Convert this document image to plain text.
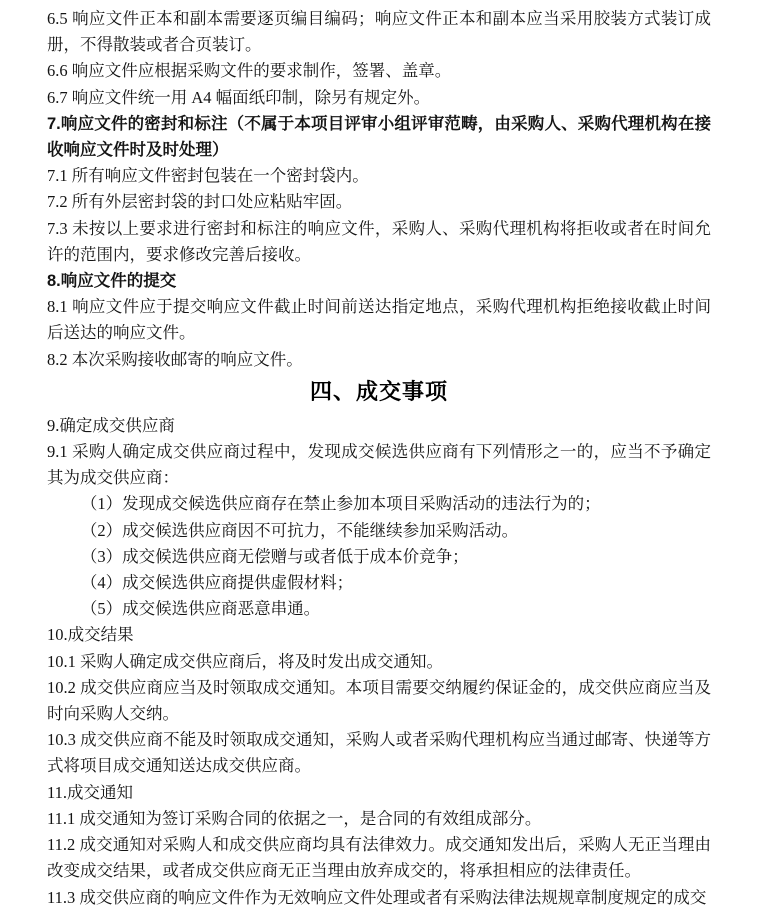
6.5 响应文件正本和副本需要逐页编目编码；响应文件正本和副本应当采用胶装方式装订成册，不得散装或者合页装订。

6.6 响应文件应根据采购文件的要求制作，签署、盖章。

6.7 响应文件统一用 A4 幅面纸印制，除另有规定外。

7.响应文件的密封和标注（不属于本项目评审小组评审范畴，由采购人、采购代理机构在接收响应文件时及时处理）

7.1 所有响应文件密封包装在一个密封袋内。

7.2 所有外层密封袋的封口处应粘贴牢固。

7.3 未按以上要求进行密封和标注的响应文件，采购人、采购代理机构将拒收或者在时间允许的范围内，要求修改完善后接收。

8.响应文件的提交

8.1 响应文件应于提交响应文件截止时间前送达指定地点，采购代理机构拒绝接收截止时间后送达的响应文件。

8.2 本次采购接收邮寄的响应文件。

四、成交事项

9.确定成交供应商

9.1 采购人确定成交供应商过程中，发现成交候选供应商有下列情形之一的，应当不予确定其为成交供应商：

（1）发现成交候选供应商存在禁止参加本项目采购活动的违法行为的；

（2）成交候选供应商因不可抗力，不能继续参加采购活动。

（3）成交候选供应商无偿赠与或者低于成本价竞争；

（4）成交候选供应商提供虚假材料；

（5）成交候选供应商恶意串通。

10.成交结果

10.1 采购人确定成交供应商后，将及时发出成交通知。

10.2 成交供应商应当及时领取成交通知。本项目需要交纳履约保证金的，成交供应商应当及时向采购人交纳。

10.3 成交供应商不能及时领取成交通知，采购人或者采购代理机构应当通过邮寄、快递等方式将项目成交通知送达成交供应商。

11.成交通知

11.1 成交通知为签订采购合同的依据之一，是合同的有效组成部分。

11.2 成交通知对采购人和成交供应商均具有法律效力。成交通知发出后，采购人无正当理由改变成交结果，或者成交供应商无正当理由放弃成交的，将承担相应的法律责任。

11.3 成交供应商的响应文件作为无效响应文件处理或者有采购法律法规规章制度规定的成交
